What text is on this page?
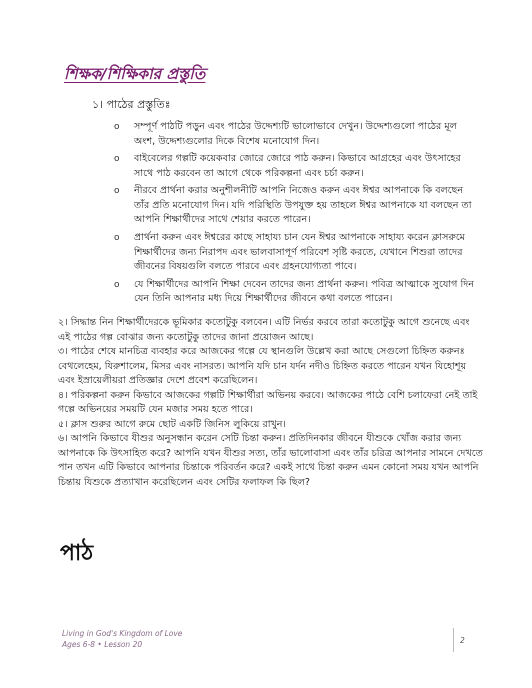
শিক্ষক/শিক্ষিকার প্রস্তুতি

১। পাঠের প্রস্তুতিঃ

o সম্পূর্ণ পাঠটি পড়ুন এবং পাঠের উদ্দেশ্যটি ভালোভাবে দেখুন। উদ্দেশ্যগুলো পাঠের মূল অংশ, উদ্দেশ্যগুলোর দিকে বিশেষ মনোযোগ দিন।
o বাইবেলের গল্পটি কয়েকবার জোরে জোরে পাঠ করুন। কিভাবে আগ্রহের এবং উৎসাহের সাথে পাঠ করবেন তা আগে থেকে পরিকল্পনা এবং চর্চা করুন।
o নীরবে প্রার্থনা করার অনুশীলনীটি আপনি নিজেও করুন এবং ঈশ্বর আপনাকে কি বলছেন তাঁর প্রতি মনোযোগ দিন। যদি পরিস্থিতি উপযুক্ত হয় তাহলে ঈশ্বর আপনাকে যা বলছেন তা আপনি শিক্ষার্থীদের সাথে শেয়ার করতে পারেন।
o প্রার্থনা করুন এবং ঈশ্বরের কাছে সাহায্য চান যেন ঈশ্বর আপনাকে সাহায্য করেন ক্লাসরুমে শিক্ষার্থীদের জন্য নিরাপদ এবং ভালবাসাপূর্ণ পরিবেশ সৃষ্টি করতে, যেখানে শিশুরা তাদের জীবনের বিষয়গুলি বলতে পারবে এবং গ্রহনযোগ্যতা পাবে।
o যে শিক্ষার্থীদের আপনি শিক্ষা দেবেন তাদের জন্য প্রার্থনা করুন। পবিত্র আত্মাকে সুযোগ দিন যেন তিনি আপনার মধ্য দিয়ে শিক্ষার্থীদের জীবনে কথা বলতে পারেন।

২। সিদ্ধান্ত নিন শিক্ষার্থীদেরকে ভূমিকার কতোটুকু বলবেন। এটি নির্ভর করবে তারা কতোটুকু আগে শুনেছে এবং এই পাঠের গল্প বোঝার জন্য কতোটুকু তাদের জানা প্রয়োজন আছে।

৩। পাঠের শেষে মানচিত্র ব্যবহার করে আজকের গল্পে যে স্থানগুলি উল্লেখ করা আছে সেগুলো চিহ্নিত করুনঃ বেথলেহেম, যিরুশালেম, মিসর এবং নাসরত। আপনি যদি চান যর্দন নদীও চিহ্নিত করতে পারেন যখন যিহোশূয় এবং ইস্রায়েলীয়রা প্রতিজ্ঞার দেশে প্রবেশ করেছিলেন।

৪। পরিকল্পনা করুন কিভাবে আজকের গল্পটি শিক্ষার্থীরা অভিনয় করবে। আজকের পাঠে বেশি চলাফেরা নেই তাই গল্পে অভিনয়ের সময়টি যেন মজার সময় হতে পারে।

৫। ক্লাস শুরুর আগে রুমে ছোট একটি জিনিস লুকিয়ে রাখুন।

৬। আপনি কিভাবে যীশুর অনুসন্ধান করেন সেটি চিন্তা করুন। প্রতিদিনকার জীবনে যীশুকে খোঁজ করার জন্য আপনাকে কি উৎসাহিত করে? আপনি যখন যীশুর সত্য, তাঁর ভালোবাসা এবং তাঁর চরিত্র আপনার সামনে দেখতে পান তখন এটি কিভাবে আপনার চিন্তাকে পরিবর্তন করে? একই সাথে চিন্তা করুন এমন কোনো সময় যখন আপনি চিন্তায় যিশুকে প্রত্যাখান করেছিলেন এবং সেটির ফলাফল কি ছিল?

পাঠ
Living in God's Kingdom of Love
Ages 6-8 • Lesson 20	2
